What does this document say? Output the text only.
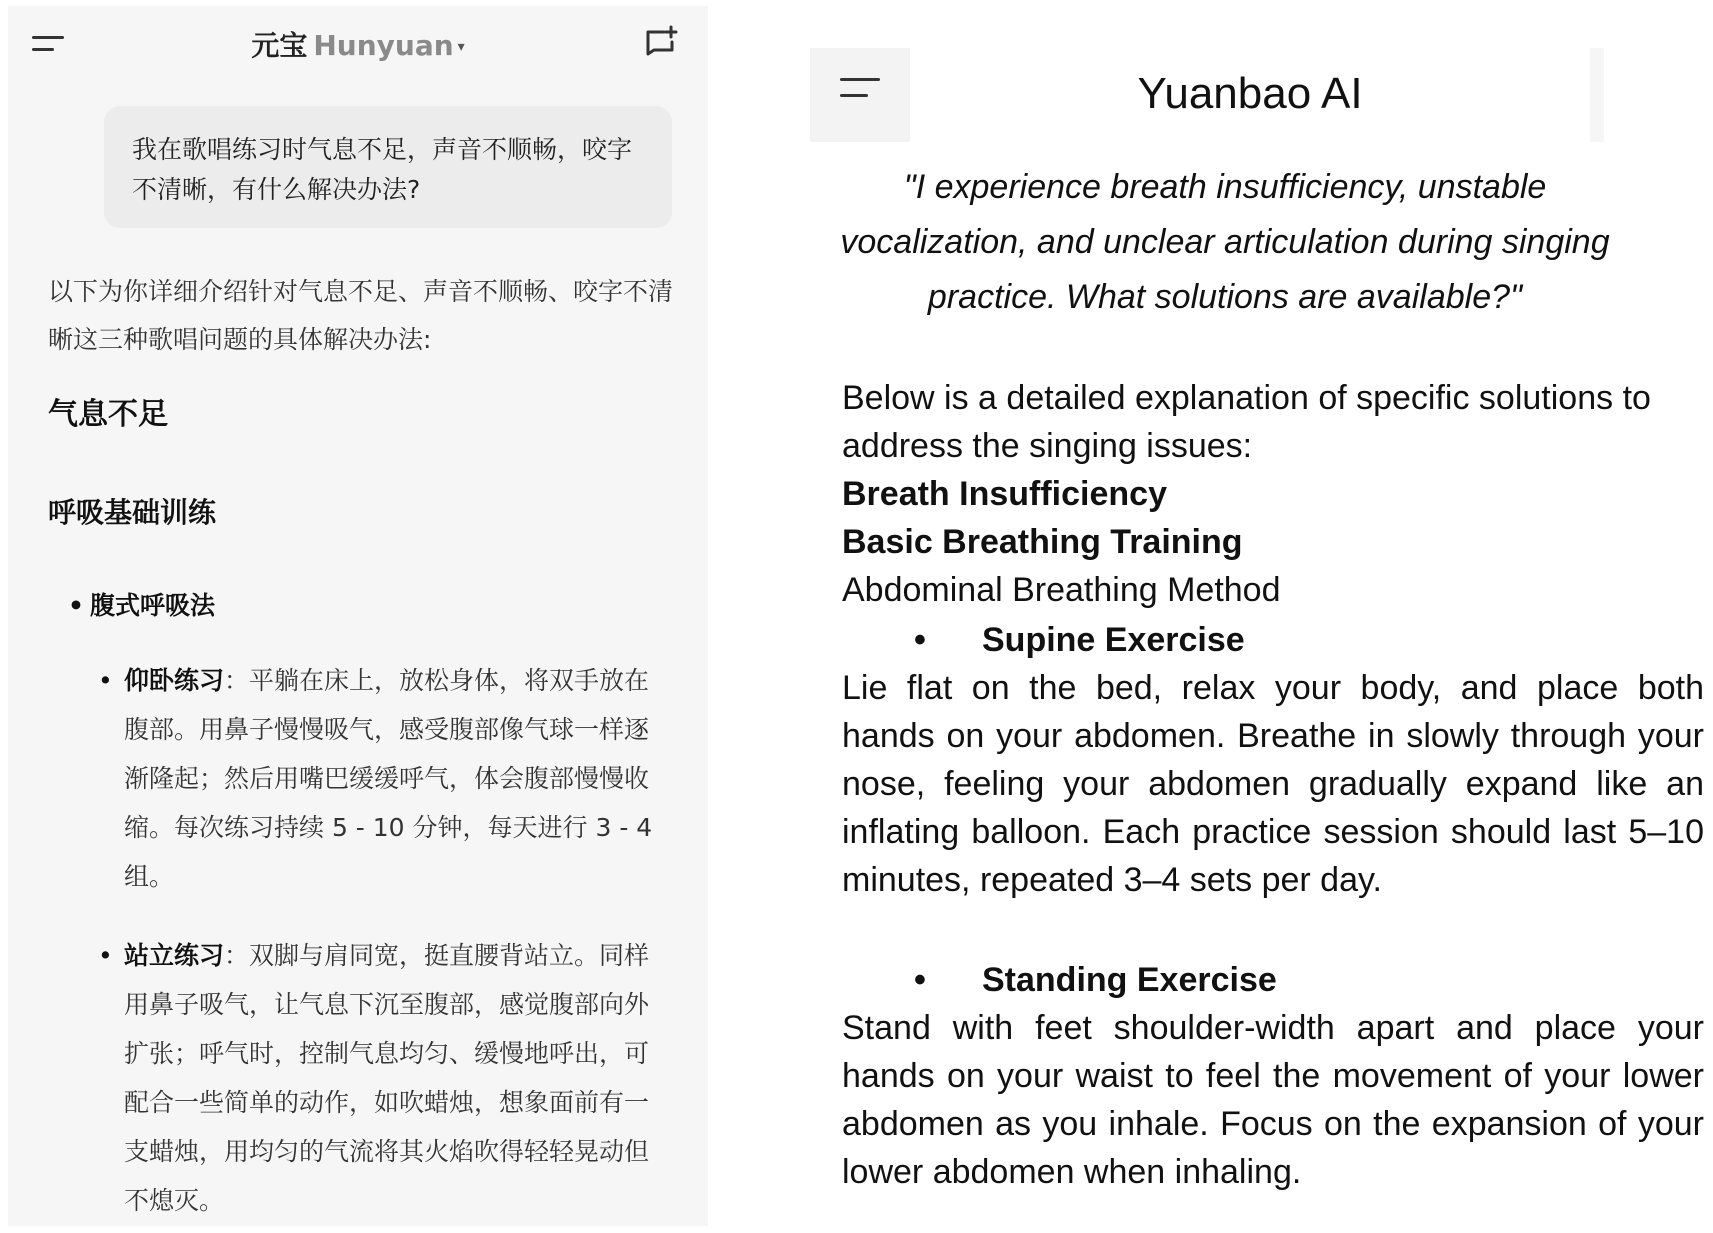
元宝 Hunyuan ▾
我在歌唱练习时气息不足，声音不顺畅，咬字不清晰，有什么解决办法?

以下为你详细介绍针对气息不足、声音不顺畅、咬字不清晰这三种歌唱问题的具体解决办法:

气息不足
呼吸基础训练
• 腹式呼吸法
• 仰卧练习：平躺在床上，放松身体，将双手放在腹部。用鼻子慢慢吸气，感受腹部像气球一样逐渐隆起；然后用嘴巴缓缓呼气，体会腹部慢慢收缩。每次练习持续 5 - 10 分钟，每天进行 3 - 4 组。
• 站立练习：双脚与肩同宽，挺直腰背站立。同样用鼻子吸气，让气息下沉至腹部，感觉腹部向外扩张；呼气时，控制气息均匀、缓慢地呼出，可配合一些简单的动作，如吹蜡烛，想象面前有一支蜡烛，用均匀的气流将其火焰吹得轻轻晃动但不熄灭。
Yuanbao AI
"I experience breath insufficiency, unstable vocalization, and unclear articulation during singing practice. What solutions are available?"

Below is a detailed explanation of specific solutions to address the singing issues:

Breath Insufficiency

Basic Breathing Training

Abdominal Breathing Method

• Supine Exercise

Lie flat on the bed, relax your body, and place both hands on your abdomen. Breathe in slowly through your nose, feeling your abdomen gradually expand like an inflating balloon. Each practice session should last 5–10 minutes, repeated 3–4 sets per day.

• Standing Exercise

Stand with feet shoulder-width apart and place your hands on your waist to feel the movement of your lower abdomen as you inhale. Focus on the expansion of your lower abdomen when inhaling.
